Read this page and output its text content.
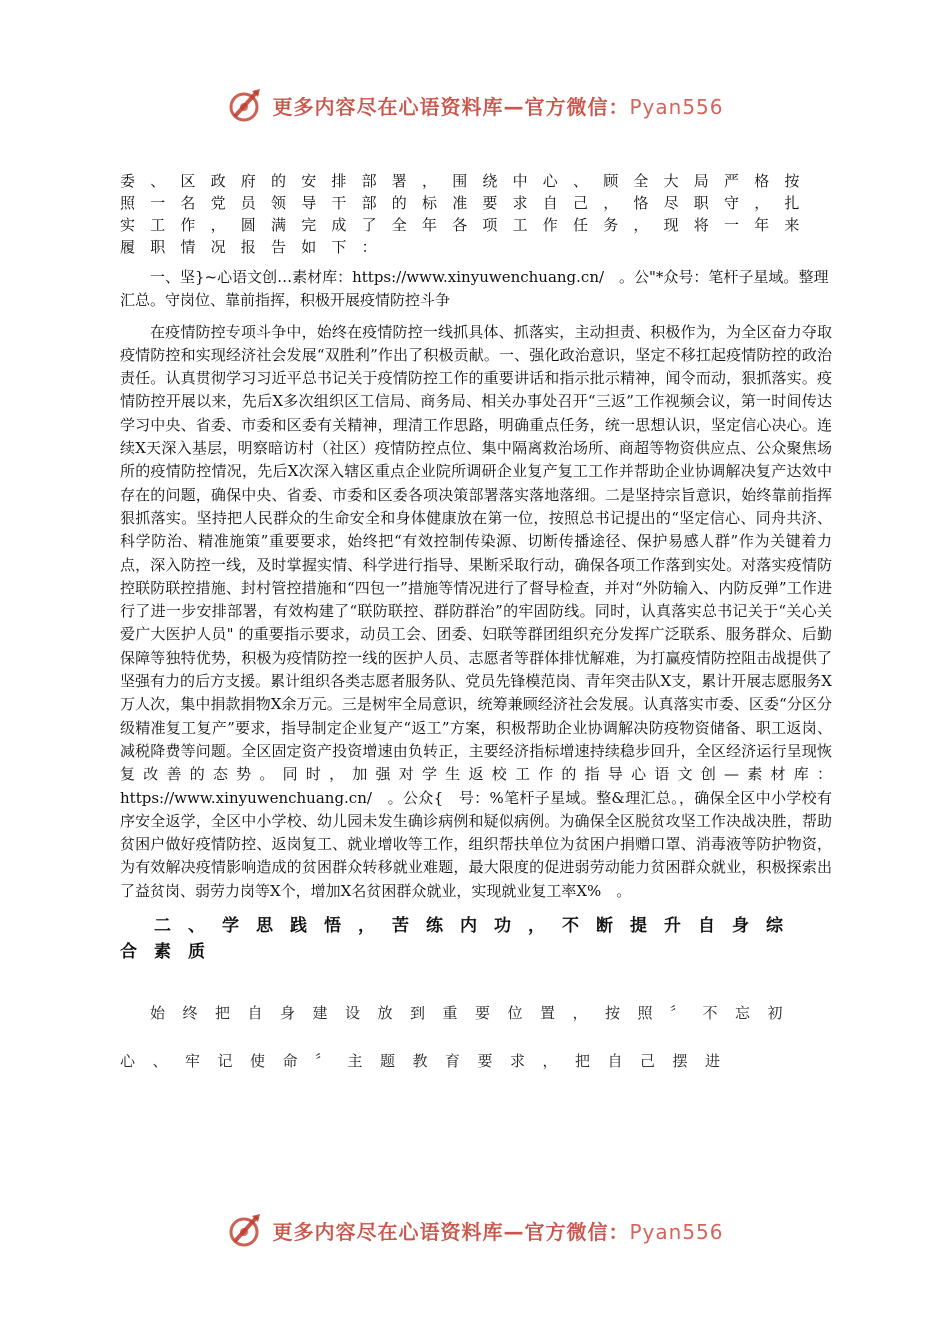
更多内容尽在心语资料库—官方微信：Pyan556
委、区政府的安排部署，围绕中心、顾全大局严格按照一名党员领导干部的标准要求自己，恪尽职守，扎实工作，圆满完成了全年各项工作任务，现将一年来履职情况报告如下：
一、坚}~心语文创…素材库：https://www.xinyuwenchuang.cn/　。公"*众号：笔杆子星域。整理汇总。守岗位、靠前指挥，积极开展疫情防控斗争
在疫情防控专项斗争中，始终在疫情防控一线抓具体、抓落实，主动担责、积极作为，为全区奋力夺取疫情防控和实现经济社会发展“双胜利”作出了积极贡献。一、强化政治意识，坚定不移扛起疫情防控的政治责任。认真贯彻学习习近平总书记关于疫情防控工作的重要讲话和指示批示精神，闻令而动，狠抓落实。疫情防控开展以来，先后X多次组织区工信局、商务局、相关办事处召开“三返”工作视频会议，第一时间传达学习中央、省委、市委和区委有关精神，理清工作思路，明确重点任务，统一思想认识，坚定信心决心。连续X天深入基层，明察暗访村（社区）疫情防控点位、集中隔离救治场所、商超等物资供应点、公众聚焦场所的疫情防控情况，先后X次深入辖区重点企业院所调研企业复产复工工作并帮助企业协调解决复产达效中存在的问题，确保中央、省委、市委和区委各项决策部署落实落地落细。二是坚持宗旨意识，始终靠前指挥狠抓落实。坚持把人民群众的生命安全和身体健康放在第一位，按照总书记提出的“坚定信心、同舟共济、科学防治、精准施策”重要要求，始终把“有效控制传染源、切断传播途径、保护易感人群”作为关键着力点，深入防控一线，及时掌握实情、科学进行指导、果断采取行动，确保各项工作落到实处。对落实疫情防控联防联控措施、封村管控措施和“四包一”措施等情况进行了督导检查，并对“外防输入、内防反弹”工作进行了进一步安排部署，有效构建了“联防联控、群防群治”的牢固防线。同时，认真落实总书记关于“关心关爱广大医护人员" 的重要指示要求，动员工会、团委、妇联等群团组织充分发挥广泛联系、服务群众、后勤保障等独特优势，积极为疫情防控一线的医护人员、志愿者等群体排忧解难，为打赢疫情防控阻击战提供了坚强有力的后方支援。累计组织各类志愿者服务队、党员先锋模范岗、青年突击队X支，累计开展志愿服务X万人次，集中捐款捐物X余万元。三是树牢全局意识，统筹兼顾经济社会发展。认真落实市委、区委“分区分级精准复工复产”要求，指导制定企业复产“返工”方案，积极帮助企业协调解决防疫物资储备、职工返岗、减税降费等问题。全区固定资产投资增速由负转正，主要经济指标增速持续稳步回升，全区经济运行呈现恢复改善的态势。同时，加强对学生返校工作的指导心语文创—素材库：https://www.xinyuwenchuang.cn/　。公众{　号：%笔杆子星域。整&理汇总。，确保全区中小学校有序安全返学，全区中小学校、幼儿园未发生确诊病例和疑似病例。为确保全区脱贫攻坚工作决战决胜，帮助贫困户做好疫情防控、返岗复工、就业增收等工作，组织帮扶单位为贫困户捐赠口罩、消毒液等防护物资，为有效解决疫情影响造成的贫困群众转移就业难题，最大限度的促进弱劳动能力贫困群众就业，积极探索出了益贫岗、弱劳力岗等X个，增加X名贫困群众就业，实现就业复工率X%　。
二、学思践悟，苦练内功，不断提升自身综合素质
始终把自身建设放到重要位置，按照〞不忘初心、牢记使命〞主题教育要求，把自己摆进
更多内容尽在心语资料库—官方微信：Pyan556
